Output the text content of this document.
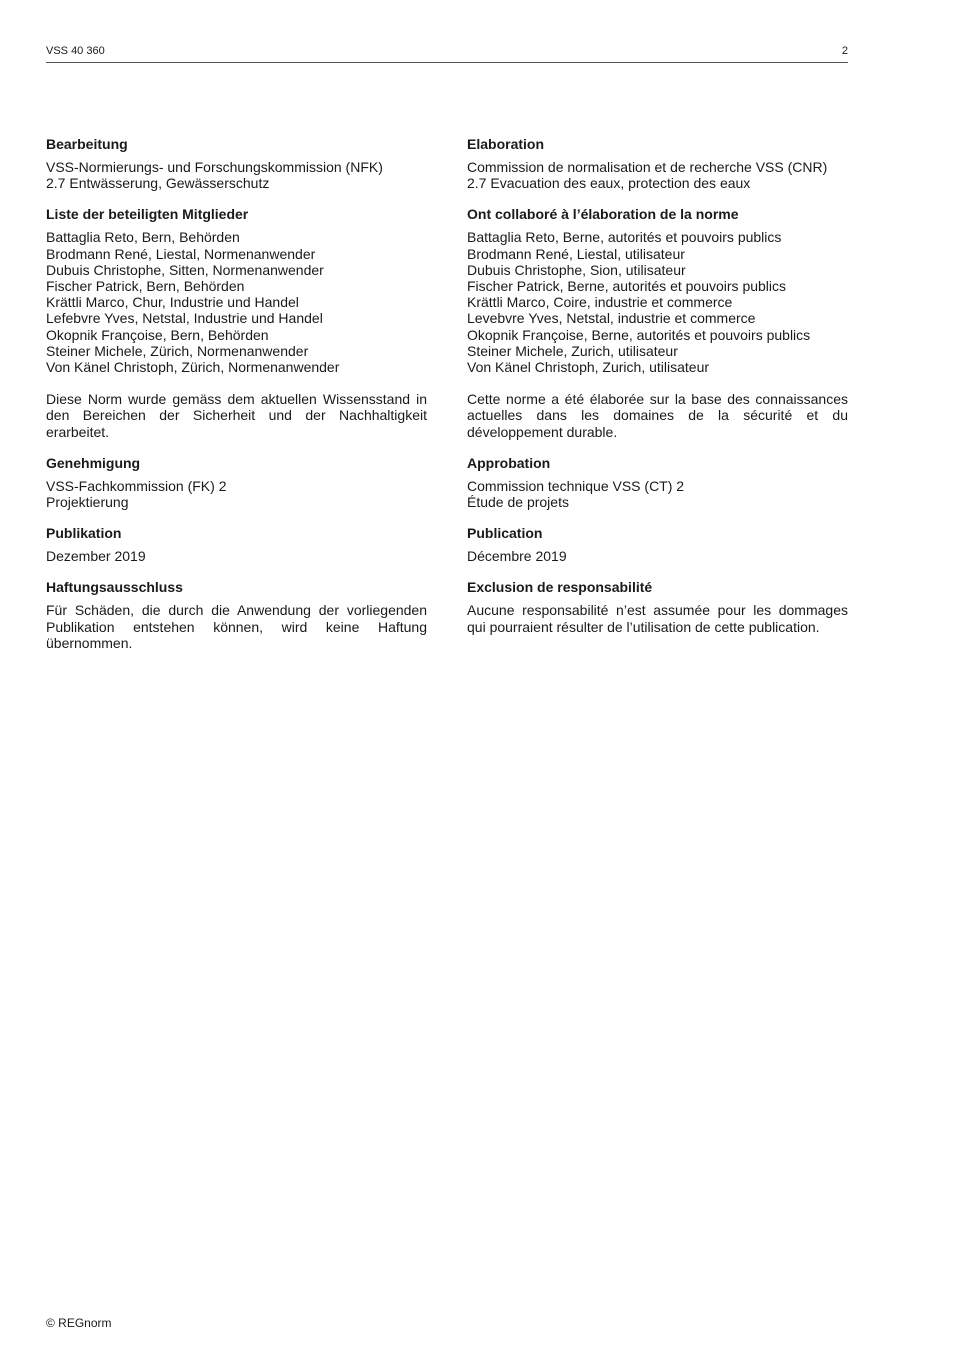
VSS 40 360	2
Bearbeitung
VSS-Normierungs- und Forschungskommission (NFK)
2.7 Entwässerung, Gewässerschutz
Liste der beteiligten Mitglieder
Battaglia Reto, Bern, Behörden
Brodmann René, Liestal, Normenanwender
Dubuis Christophe, Sitten, Normenanwender
Fischer Patrick, Bern, Behörden
Krättli Marco, Chur, Industrie und Handel
Lefebvre Yves, Netstal, Industrie und Handel
Okopnik Françoise, Bern, Behörden
Steiner Michele, Zürich, Normenanwender
Von Känel Christoph, Zürich, Normenanwender

Diese Norm wurde gemäss dem aktuellen Wissensstand in den Bereichen der Sicherheit und der Nachhaltigkeit erarbeitet.

Genehmigung
VSS-Fachkommission (FK) 2
Projektierung
Publikation
Dezember 2019
Haftungsausschluss

Für Schäden, die durch die Anwendung der vorliegenden Publikation entstehen können, wird keine Haftung übernommen.

Elaboration
Commission de normalisation et de recherche VSS (CNR)
2.7 Evacuation des eaux, protection des eaux
Ont collaboré à l’élaboration de la norme
Battaglia Reto, Berne, autorités et pouvoirs publics
Brodmann René, Liestal, utilisateur
Dubuis Christophe, Sion, utilisateur
Fischer Patrick, Berne, autorités et pouvoirs publics
Krättli Marco, Coire, industrie et commerce
Levebvre Yves, Netstal, industrie et commerce
Okopnik Françoise, Berne, autorités et pouvoirs publics
Steiner Michele, Zurich, utilisateur
Von Känel Christoph, Zurich, utilisateur

Cette norme a été élaborée sur la base des connaissances actuelles dans les domaines de la sécurité et du développement durable.

Approbation
Commission technique VSS (CT) 2
Étude de projets
Publication
Décembre 2019
Exclusion de responsabilité

Aucune responsabilité n’est assumée pour les dommages qui pourraient résulter de l’utilisation de cette publication.

© REGnorm
